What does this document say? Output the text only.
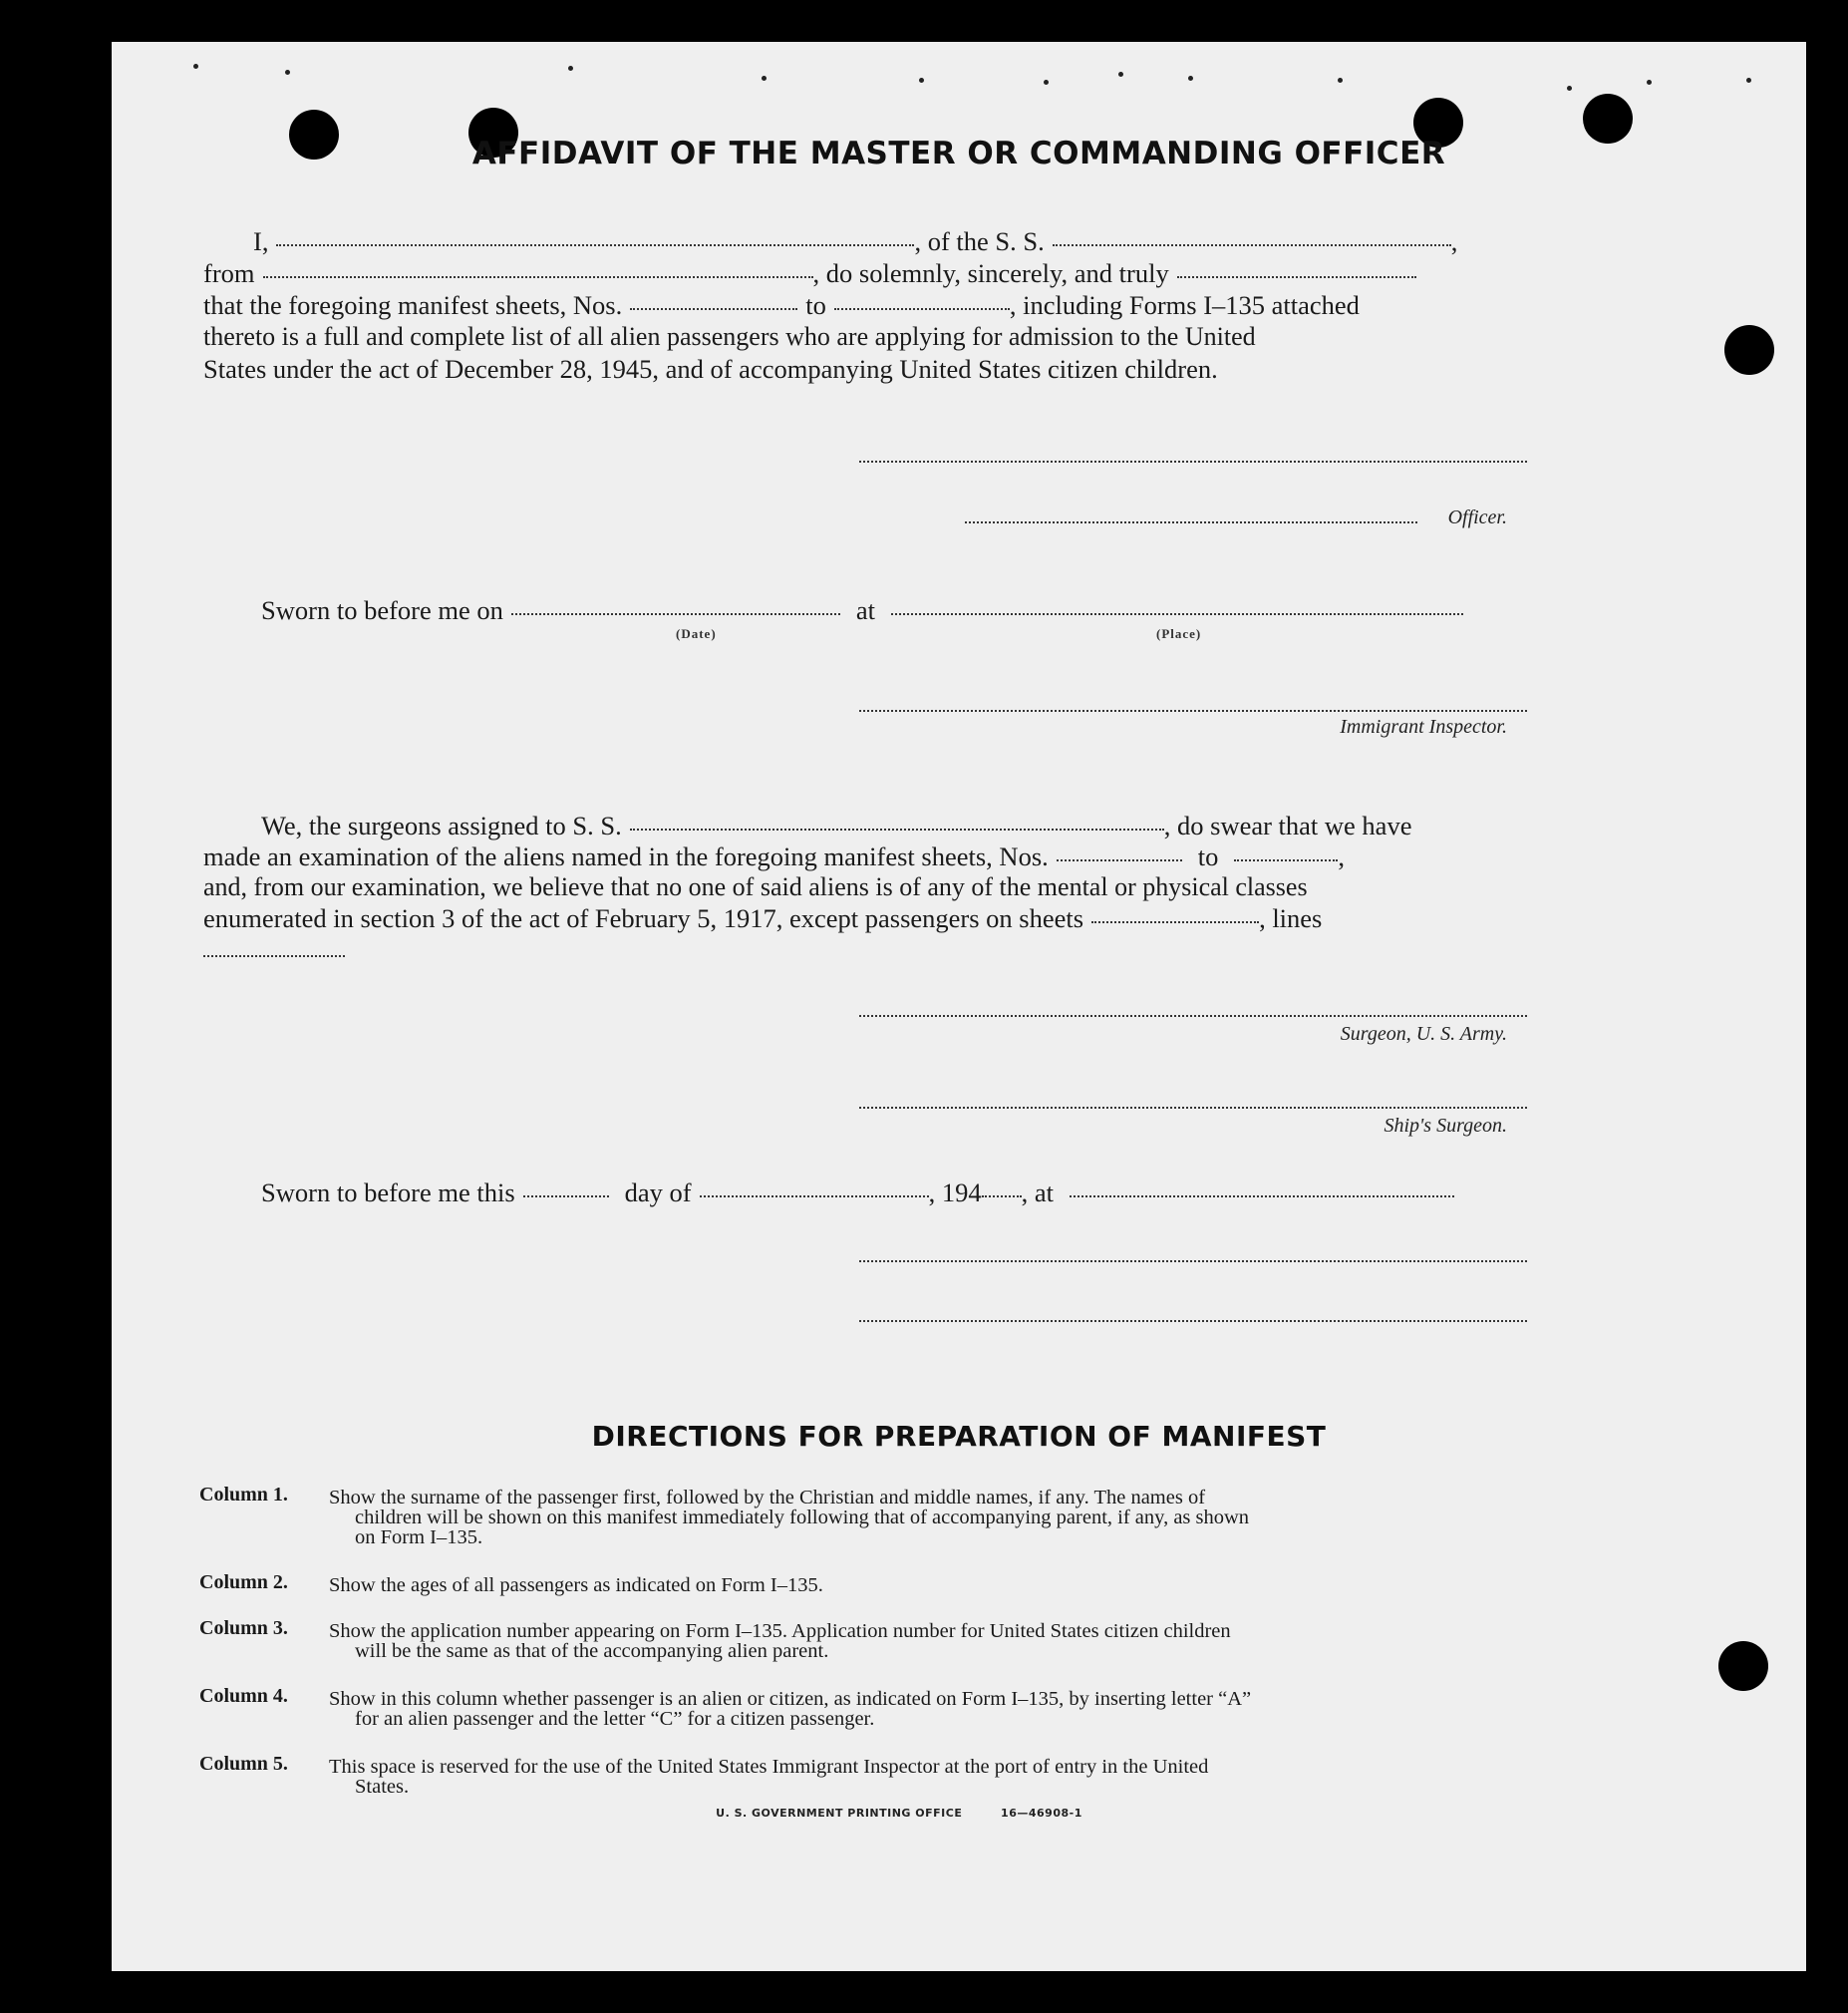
AFFIDAVIT OF THE MASTER OR COMMANDING OFFICER
I,	, of the S. S.	,
from	, do solemnly, sincerely, and truly
that the foregoing manifest sheets, Nos.	to	, including Forms I–135 attached
thereto is a full and complete list of all alien passengers who are applying for admission to the United
States under the act of December 28, 1945, and of accompanying United States citizen children.
Officer.
Sworn to before me on	at
(Date)	(Place)
Immigrant Inspector.
We, the surgeons assigned to S. S.	, do swear that we have
made an examination of the aliens named in the foregoing manifest sheets, Nos.	to	,
and, from our examination, we believe that no one of said aliens is of any of the mental or physical classes
enumerated in section 3 of the act of February 5, 1917, except passengers on sheets	, lines
Surgeon, U. S. Army.
Ship's Surgeon.
Sworn to before me this	day of	, 194 , at
DIRECTIONS FOR PREPARATION OF MANIFEST
Column 1.	Show the surname of the passenger first, followed by the Christian and middle names, if any. The names of
children will be shown on this manifest immediately following that of accompanying parent, if any, as shown
on Form I–135.
Column 2.	Show the ages of all passengers as indicated on Form I–135.
Column 3.	Show the application number appearing on Form I–135. Application number for United States citizen children
will be the same as that of the accompanying alien parent.
Column 4.	Show in this column whether passenger is an alien or citizen, as indicated on Form I–135, by inserting letter “A”
for an alien passenger and the letter “C” for a citizen passenger.
Column 5.	This space is reserved for the use of the United States Immigrant Inspector at the port of entry in the United
States.
U. S. GOVERNMENT PRINTING OFFICE	16—46908-1
